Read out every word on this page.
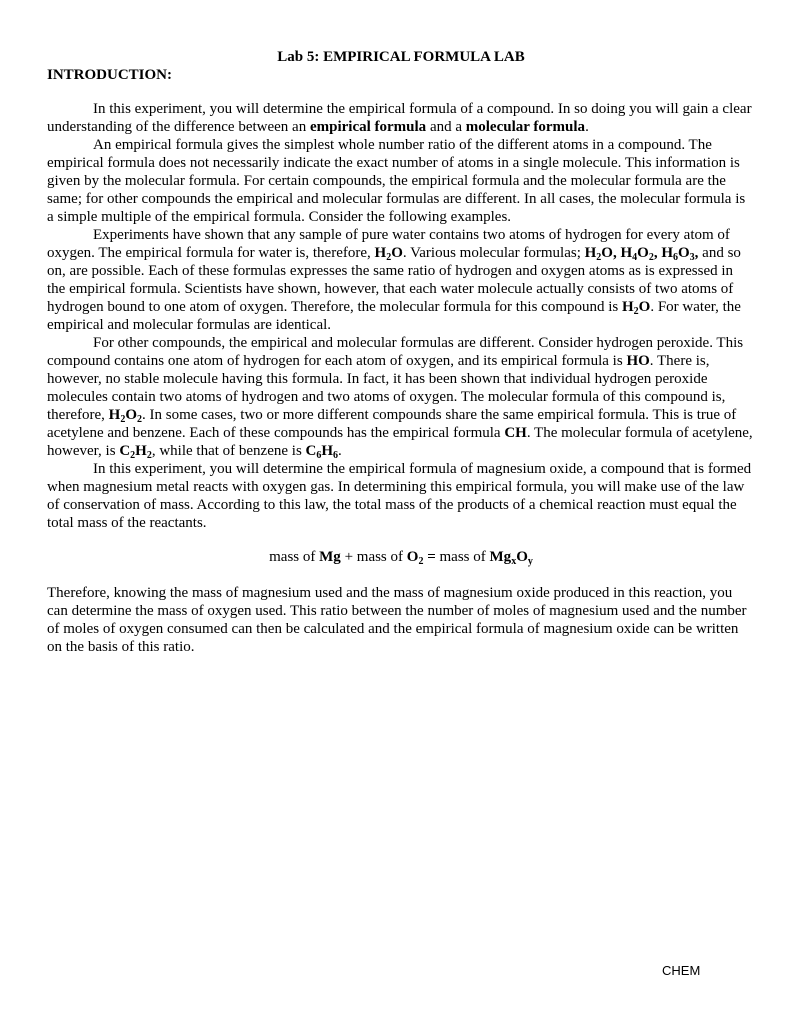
Lab 5: EMPIRICAL FORMULA LAB
INTRODUCTION:

In this experiment, you will determine the empirical formula of a compound. In so doing you will gain a clear understanding of the difference between an empirical formula and a molecular formula.

An empirical formula gives the simplest whole number ratio of the different atoms in a compound. The empirical formula does not necessarily indicate the exact number of atoms in a single molecule. This information is given by the molecular formula. For certain compounds, the empirical formula and the molecular formula are the same; for other compounds the empirical and molecular formulas are different. In all cases, the molecular formula is a simple multiple of the empirical formula. Consider the following examples.

Experiments have shown that any sample of pure water contains two atoms of hydrogen for every atom of oxygen. The empirical formula for water is, therefore, $H_2O$. Various molecular formulas; $H_2O$, $H_4O_2$, $H_6O_3$, and so on, are possible. Each of these formulas expresses the same ratio of hydrogen and oxygen atoms as is expressed in the empirical formula. Scientists have shown, however, that each water molecule actually consists of two atoms of hydrogen bound to one atom of oxygen. Therefore, the molecular formula for this compound is $H_2O$. For water, the empirical and molecular formulas are identical.

For other compounds, the empirical and molecular formulas are different. Consider hydrogen peroxide. This compound contains one atom of hydrogen for each atom of oxygen, and its empirical formula is HO. There is, however, no stable molecule having this formula. In fact, it has been shown that individual hydrogen peroxide molecules contain two atoms of hydrogen and two atoms of oxygen. The molecular formula of this compound is, therefore, $H_2O_2$. In some cases, two or more different compounds share the same empirical formula. This is true of acetylene and benzene. Each of these compounds has the empirical formula CH. The molecular formula of acetylene, however, is $C_2H_2$, while that of benzene is $C_6H_6$.

In this experiment, you will determine the empirical formula of magnesium oxide, a compound that is formed when magnesium metal reacts with oxygen gas. In determining this empirical formula, you will make use of the law of conservation of mass. According to this law, the total mass of the products of a chemical reaction must equal the total mass of the reactants.

mass of Mg + mass of $O_2$ = mass of $Mg_xO_y$

Therefore, knowing the mass of magnesium used and the mass of magnesium oxide produced in this reaction, you can determine the mass of oxygen used. This ratio between the number of moles of magnesium used and the number of moles of oxygen consumed can then be calculated and the empirical formula of magnesium oxide can be written on the basis of this ratio.

CHEM
